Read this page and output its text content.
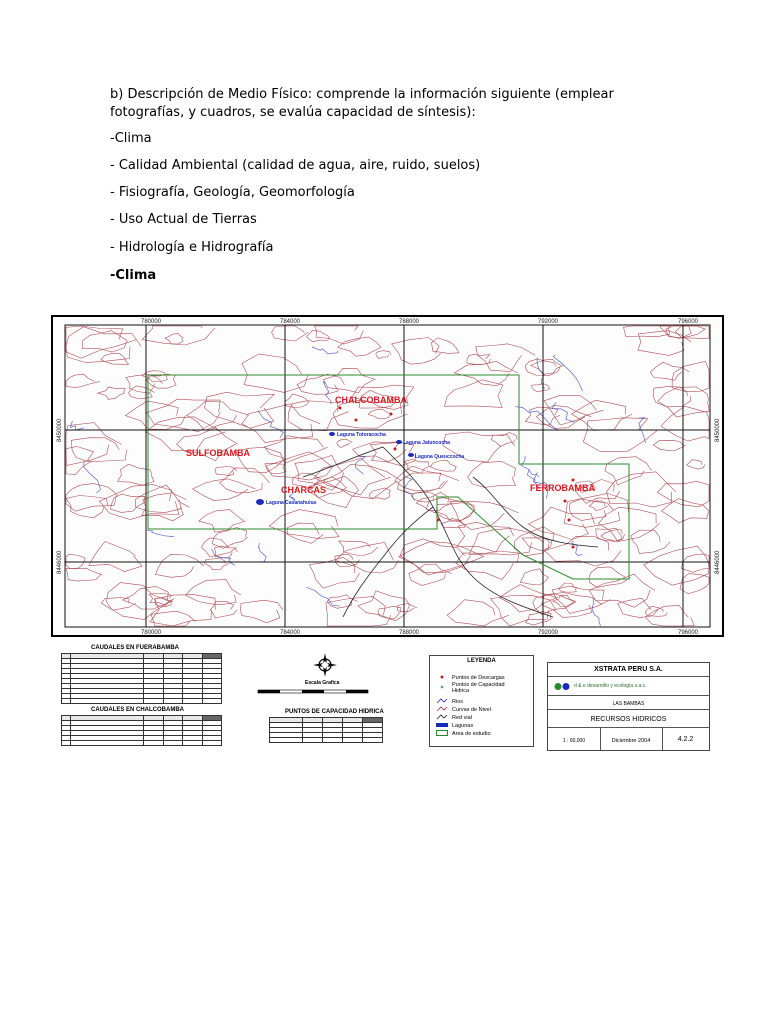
b) Descripción de Medio Físico: comprende la información siguiente (emplear fotografías, y cuadros, se evalúa capacidad de síntesis):

-Clima
- Calidad Ambiental (calidad de agua, aire, ruido, suelos)
- Fisiografía, Geología, Geomorfología
- Uso Actual de Tierras
- Hidrología e Hidrografía
-Clima
780000	784000	788000	792000	796000
780000	784000	788000	792000	796000
8450000
8446000
8450000
8446000
Laguna Totoracocha
Laguna Jatuncocha
Laguna Queuccocha
Laguna Casanahuisa
CHALCOBAMBA
SULFOBAMBA
CHARCAS	FERROBAMBA
CAUDALES EN FUERABAMBA

CAUDALES EN CHALCOBAMBA

Escala Grafica
PUNTOS DE CAPACIDAD HIDRICA

LEYENDA
Puntos de Descargas
Puntos de Capacidad Hidrica
Rios
Curvas de Nivel
Red vial
Lagunas
Area de estudio
XSTRATA PERU S.A.
d & e desarrollo y ecología s.a.c.
LAS BAMBAS
RECURSOS HIDRICOS
1 : 60,000	Diciembre 2004	4.2.2
